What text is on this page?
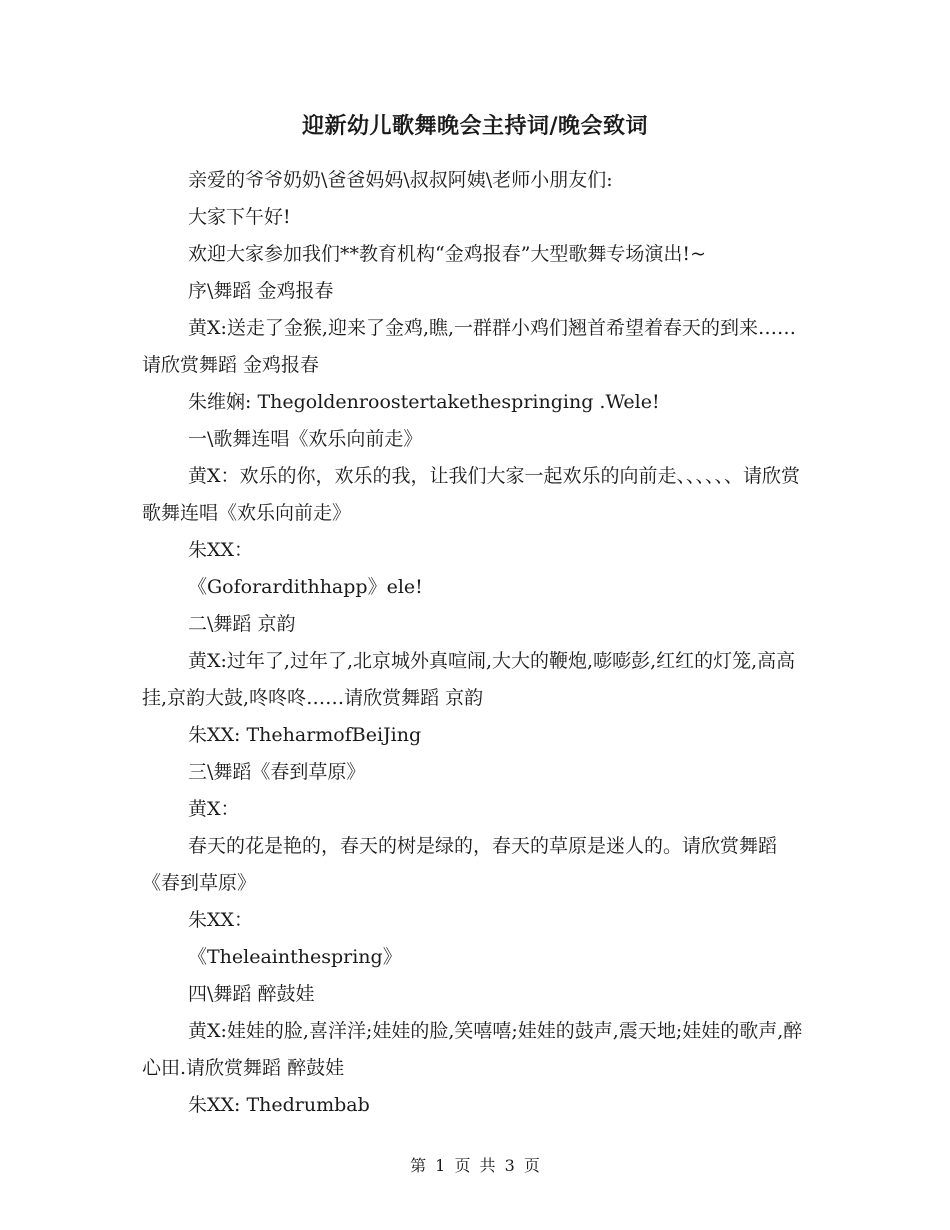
迎新幼儿歌舞晚会主持词/晚会致词

亲爱的爷爷奶奶\爸爸妈妈\叔叔阿姨\老师小朋友们:

大家下午好!

欢迎大家参加我们**教育机构“金鸡报春”大型歌舞专场演出!~

序\舞蹈 金鸡报春

黄X:送走了金猴,迎来了金鸡,瞧,一群群小鸡们翘首希望着春天的到来……请欣赏舞蹈 金鸡报春

朱维娴: Thegoldenroostertakethespringing .Wele!

一\歌舞连唱《欢乐向前走》

黄X：欢乐的你，欢乐的我，让我们大家一起欢乐的向前走、、、、、、请欣赏歌舞连唱《欢乐向前走》

朱XX：

《Goforardithhapp》ele!

二\舞蹈 京韵

黄X:过年了,过年了,北京城外真喧闹,大大的鞭炮,嘭嘭彭,红红的灯笼,高高挂,京韵大鼓,咚咚咚……请欣赏舞蹈 京韵

朱XX: TheharmofBeiJing

三\舞蹈《春到草原》

黄X：

春天的花是艳的，春天的树是绿的，春天的草原是迷人的。请欣赏舞蹈《春到草原》

朱XX：

《Theleainthespring》

四\舞蹈 醉鼓娃

黄X:娃娃的脸,喜洋洋;娃娃的脸,笑嘻嘻;娃娃的鼓声,震天地;娃娃的歌声,醉心田.请欣赏舞蹈 醉鼓娃

朱XX: Thedrumbab

第 1 页 共 3 页
